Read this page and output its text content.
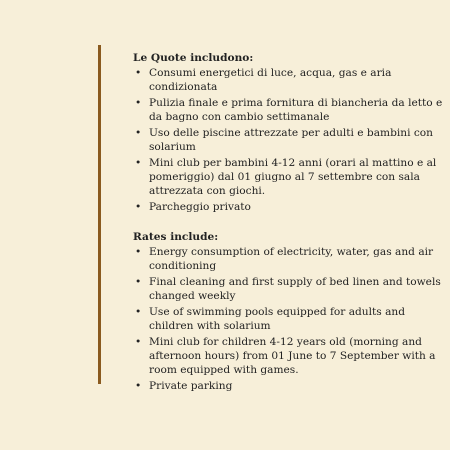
Le Quote includono:
• Consumi energetici di luce, acqua, gas e aria condizionata
• Pulizia finale e prima fornitura di biancheria da letto e da bagno con cambio settimanale
• Uso delle piscine attrezzate per adulti e bambini con solarium
• Mini club per bambini 4-12 anni (orari al mattino e al pomeriggio) dal 01 giugno al 7 settembre con sala attrezzata con giochi.
• Parcheggio privato
Rates include:
• Energy consumption of electricity, water, gas and air conditioning
• Final cleaning and first supply of bed linen and towels changed weekly
• Use of swimming pools equipped for adults and children with solarium
• Mini club for children 4-12 years old (morning and afternoon hours) from 01 June to 7 September with a room equipped with games.
• Private parking
